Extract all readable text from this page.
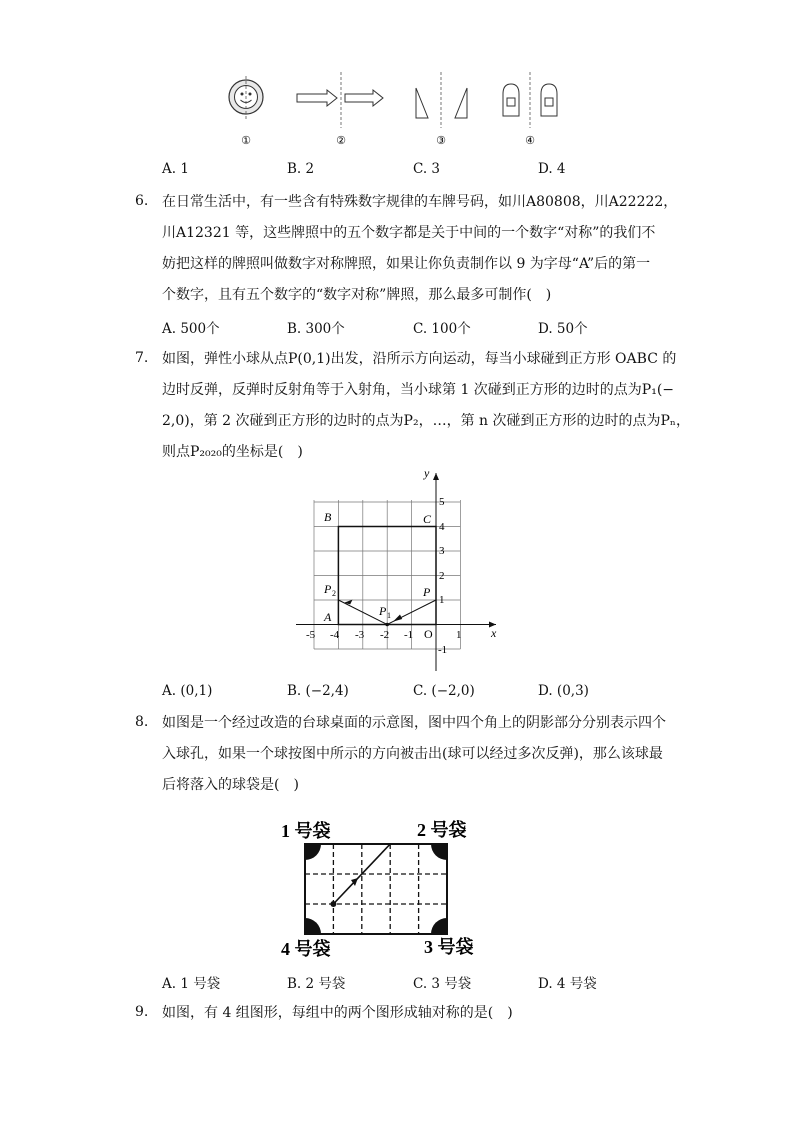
①	②	③	④
A. 1	B. 2	C. 3	D. 4
6. 在日常生活中，有一些含有特殊数字规律的车牌号码，如川A80808，川A22222，
川A12321 等，这些牌照中的五个数字都是关于中间的一个数字“对称”的我们不
妨把这样的牌照叫做数字对称牌照，如果让你负责制作以 9 为字母“A”后的第一
个数字，且有五个数字的“数字对称”牌照，那么最多可制作(　)
A. 500个	B. 300个	C. 100个	D. 50个
7. 如图，弹性小球从点P(0,1)出发，沿所示方向运动，每当小球碰到正方形 OABC 的
边时反弹，反弹时反射角等于入射角，当小球第 1 次碰到正方形的边时的点为P₁(−
2,0)，第 2 次碰到正方形的边时的点为P₂，…，第 n 次碰到正方形的边时的点为Pₙ，
则点P₂₀₂₀的坐标是(　)
x
y
-5 -4 -3 -2 -1	1
5
4
3
2
1
-1
O
A
B	C
P
P 1
P 2
A. (0,1)	B. (−2,4)	C. (−2,0)	D. (0,3)
8. 如图是一个经过改造的台球桌面的示意图，图中四个角上的阴影部分分别表示四个
入球孔，如果一个球按图中所示的方向被击出(球可以经过多次反弹)，那么该球最
后将落入的球袋是(　)
1 号袋	2 号袋
3 号袋
4 号袋
A. 1 号袋	B. 2 号袋	C. 3 号袋	D. 4 号袋
9. 如图，有 4 组图形，每组中的两个图形成轴对称的是(　)
